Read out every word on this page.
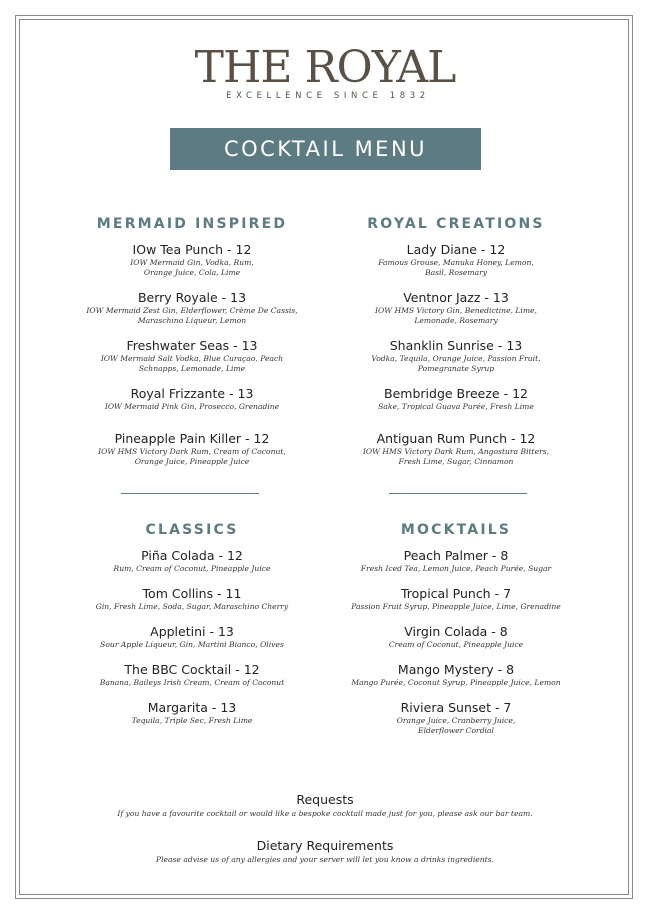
THE ROYAL
EXCELLENCE SINCE 1832
COCKTAIL MENU
MERMAID INSPIRED
IOw Tea Punch - 12
IOW Mermaid Gin, Vodka, Rum, Orange Juice, Cola, Lime
Berry Royale - 13
IOW Mermaid Zest Gin, Elderflower, Crème De Cassis, Maraschino Liqueur, Lemon
Freshwater Seas - 13
IOW Mermaid Salt Vodka, Blue Curaçao, Peach Schnapps, Lemonade, Lime
Royal Frizzante - 13
IOW Mermaid Pink Gin, Prosecco, Grenadine
Pineapple Pain Killer - 12
IOW HMS Victory Dark Rum, Cream of Coconut, Orange Juice, Pineapple Juice
ROYAL CREATIONS
Lady Diane - 12
Famous Grouse, Manuka Honey, Lemon, Basil, Rosemary
Ventnor Jazz - 13
IOW HMS Victory Gin, Benedictine, Lime, Lemonade, Rosemary
Shanklin Sunrise - 13
Vodka, Tequila, Orange Juice, Passion Fruit, Pomegranate Syrup
Bembridge Breeze - 12
Sake, Tropical Guava Purée, Fresh Lime
Antiguan Rum Punch - 12
IOW HMS Victory Dark Rum, Angostura Bitters, Fresh Lime, Sugar, Cinnamon
CLASSICS
Piña Colada - 12
Rum, Cream of Coconut, Pineapple Juice
Tom Collins - 11
Gin, Fresh Lime, Soda, Sugar, Maraschino Cherry
Appletini - 13
Sour Apple Liqueur, Gin, Martini Bianco, Olives
The BBC Cocktail - 12
Banana, Baileys Irish Cream, Cream of Coconut
Margarita - 13
Tequila, Triple Sec, Fresh Lime
MOCKTAILS
Peach Palmer - 8
Fresh Iced Tea, Lemon Juice, Peach Purée, Sugar
Tropical Punch - 7
Passion Fruit Syrup, Pineapple Juice, Lime, Grenadine
Virgin Colada - 8
Cream of Coconut, Pineapple Juice
Mango Mystery - 8
Mango Purée, Coconut Syrup, Pineapple Juice, Lemon
Riviera Sunset - 7
Orange Juice, Cranberry Juice, Elderflower Cordial
Requests
If you have a favourite cocktail or would like a bespoke cocktail made just for you, please ask our bar team.
Dietary Requirements
Please advise us of any allergies and your server will let you know a drinks ingredients.
